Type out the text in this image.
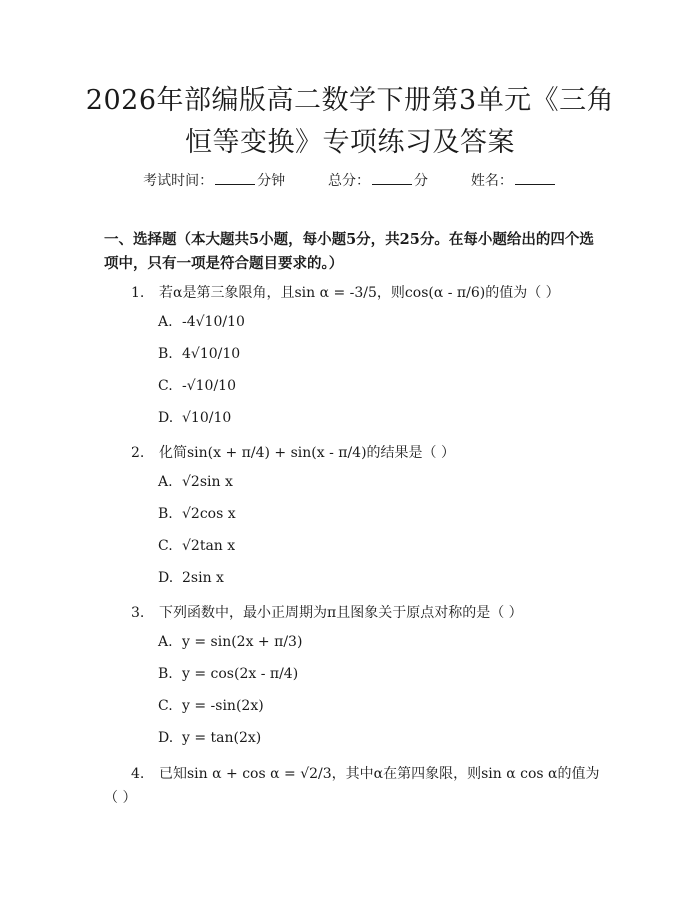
2026年部编版高二数学下册第3单元《三角
恒等变换》专项练习及答案
考试时间：	分钟	总分：	分	姓名：
一、选择题（本大题共5小题，每小题5分，共25分。在每小题给出的四个选项中，只有一项是符合题目要求的。）
1. 若α是第三象限角，且sin α = -3/5，则cos(α - π/6)的值为（ ）
A. -4√10/10
B. 4√10/10
C. -√10/10
D. √10/10
2. 化简sin(x + π/4) + sin(x - π/4)的结果是（ ）
A. √2sin x
B. √2cos x
C. √2tan x
D. 2sin x
3. 下列函数中，最小正周期为π且图象关于原点对称的是（ ）
A. y = sin(2x + π/3)
B. y = cos(2x - π/4)
C. y = -sin(2x)
D. y = tan(2x)
4. 已知sin α + cos α = √2/3，其中α在第四象限，则sin α cos α的值为（ ）
